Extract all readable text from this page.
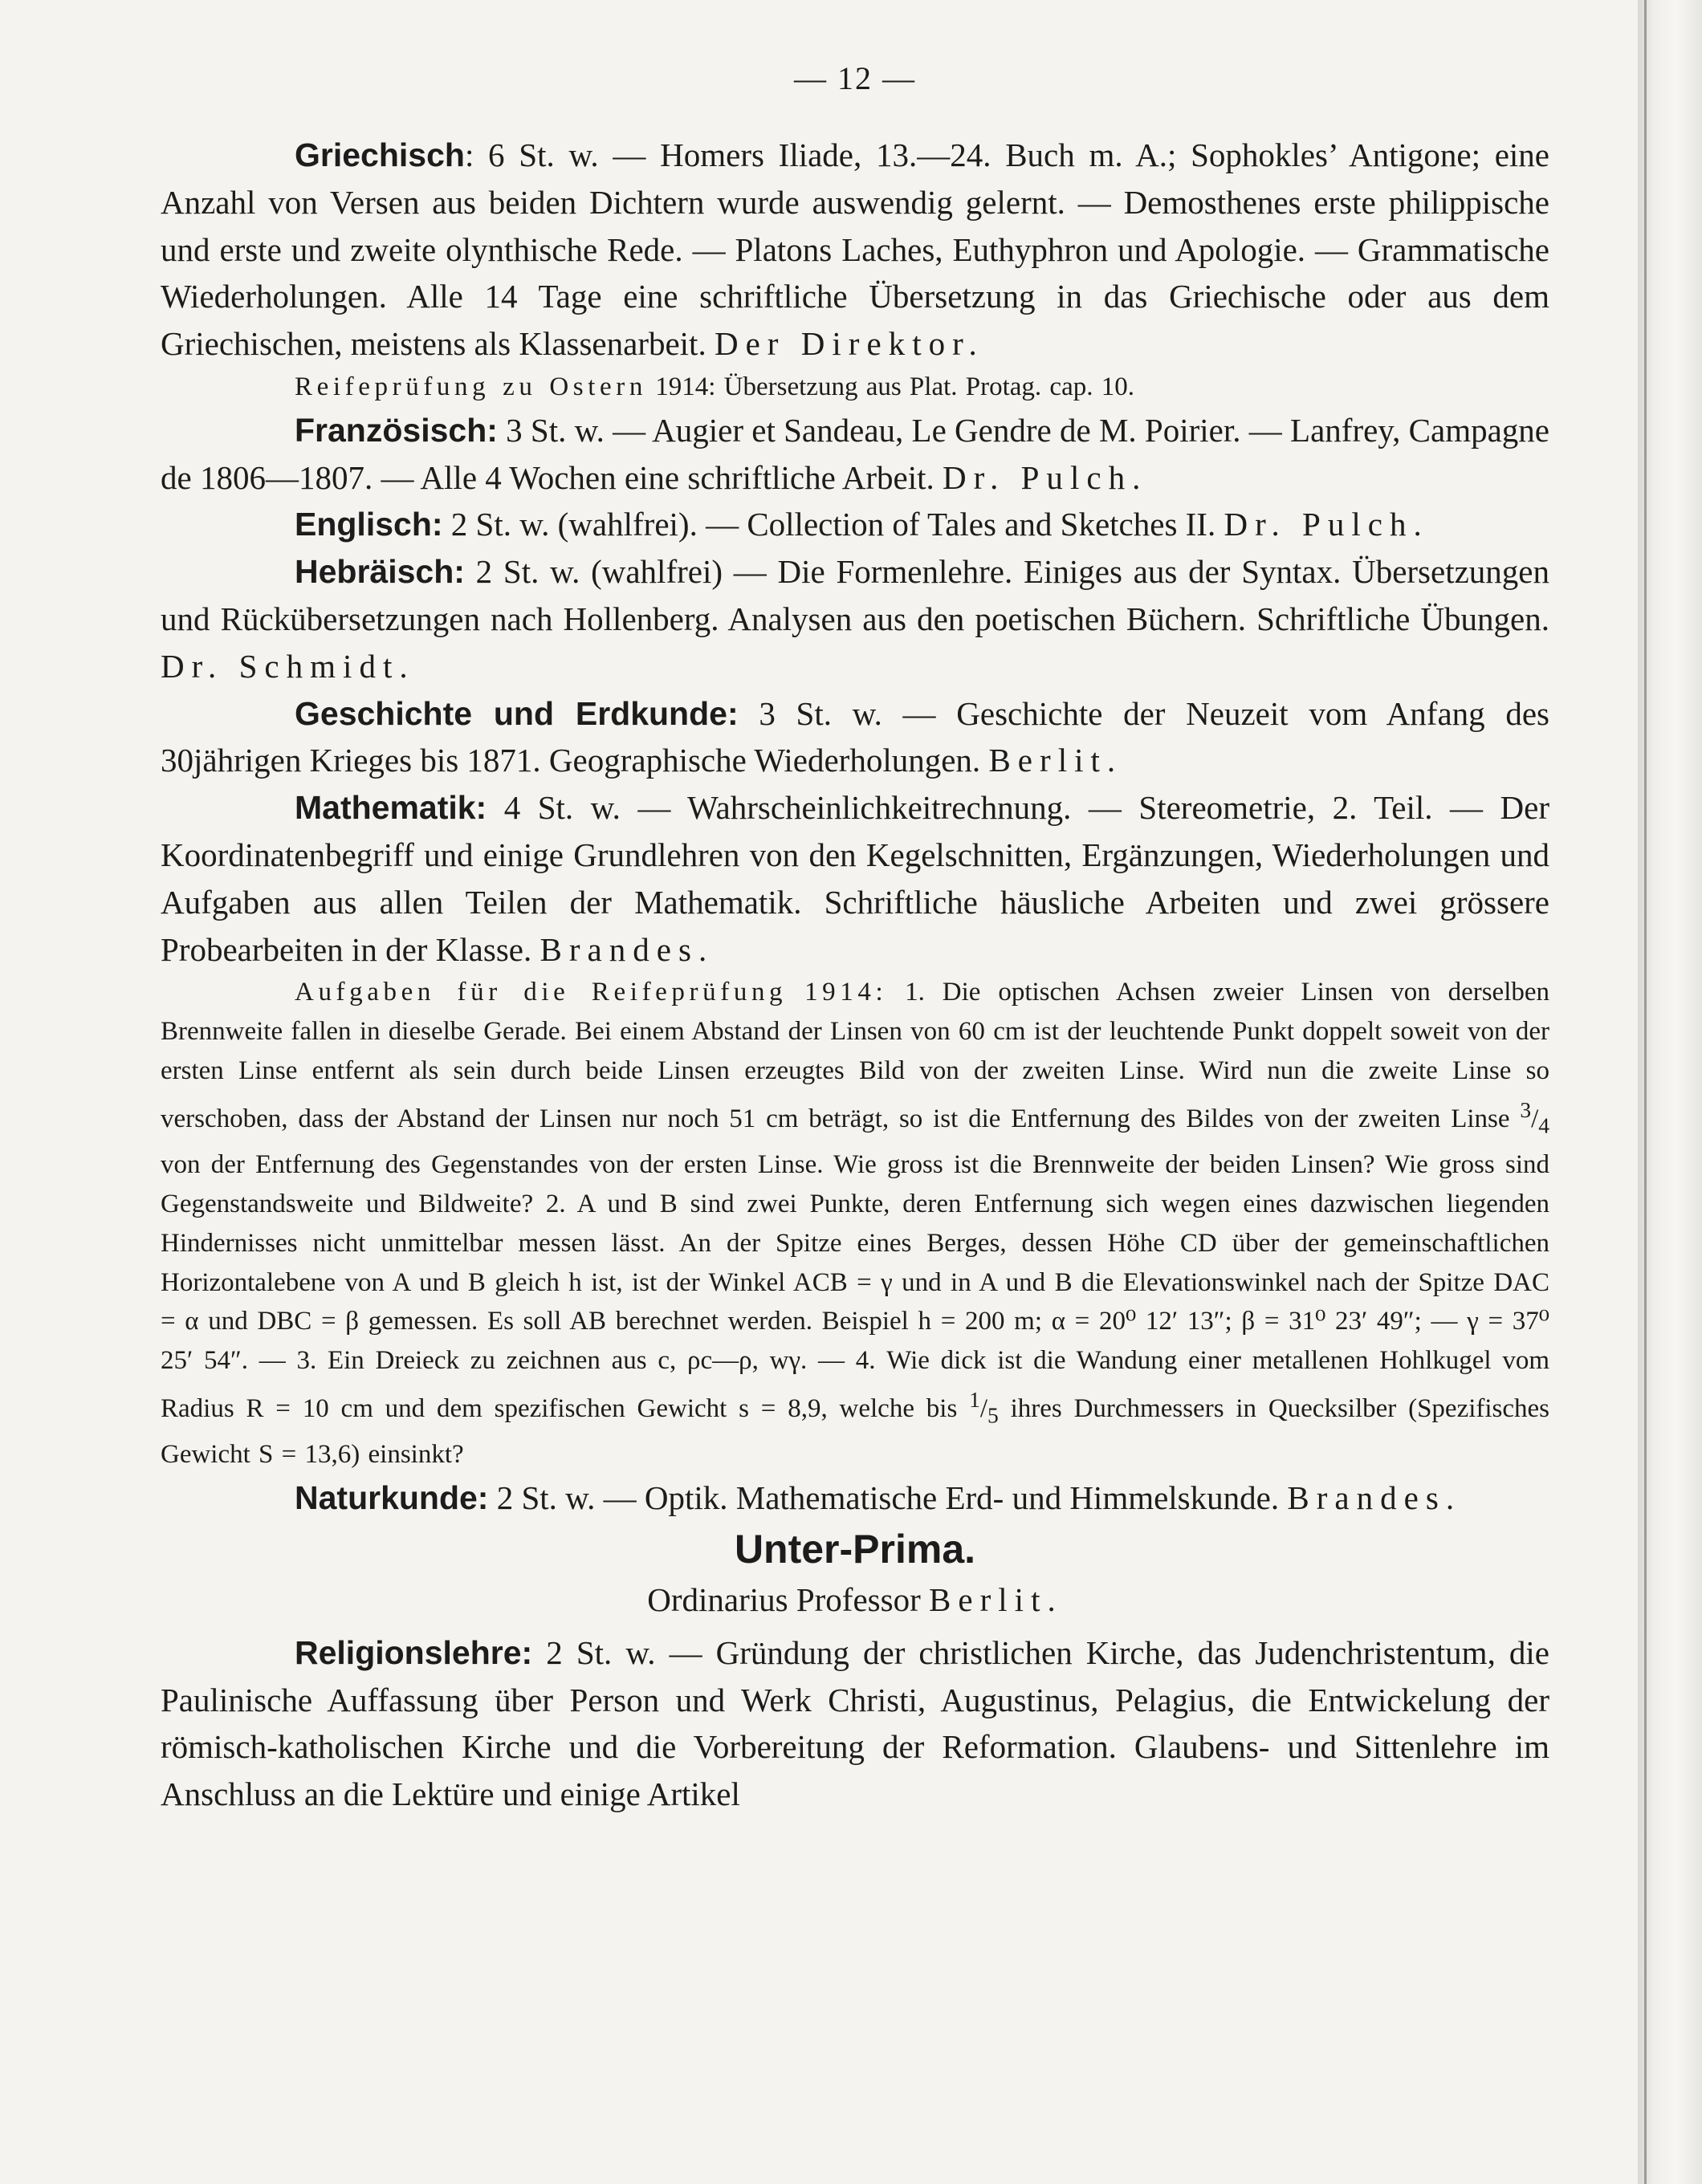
— 12 —

Griechisch: 6 St. w. — Homers Iliade, 13.—24. Buch m. A.; Sophokles’ Antigone; eine Anzahl von Versen aus beiden Dichtern wurde auswendig gelernt. — Demosthenes erste philippische und erste und zweite olynthische Rede. — Platons Laches, Euthyphron und Apologie. — Grammatische Wiederholungen. Alle 14 Tage eine schriftliche Übersetzung in das Griechische oder aus dem Griechischen, meistens als Klassenarbeit. Der Direktor.

Reifeprüfung zu Ostern 1914: Übersetzung aus Plat. Protag. cap. 10.

Französisch: 3 St. w. — Augier et Sandeau, Le Gendre de M. Poirier. — Lanfrey, Campagne de 1806—1807. — Alle 4 Wochen eine schriftliche Arbeit. Dr. Pulch.

Englisch: 2 St. w. (wahlfrei). — Collection of Tales and Sketches II. Dr. Pulch.

Hebräisch: 2 St. w. (wahlfrei) — Die Formenlehre. Einiges aus der Syntax. Übersetzungen und Rückübersetzungen nach Hollenberg. Analysen aus den poetischen Büchern. Schriftliche Übungen. Dr. Schmidt.

Geschichte und Erdkunde: 3 St. w. — Geschichte der Neuzeit vom Anfang des 30jährigen Krieges bis 1871. Geographische Wiederholungen. Berlit.

Mathematik: 4 St. w. — Wahrscheinlichkeitrechnung. — Stereometrie, 2. Teil. — Der Koordinatenbegriff und einige Grundlehren von den Kegelschnitten, Ergänzungen, Wiederholungen und Aufgaben aus allen Teilen der Mathematik. Schriftliche häusliche Arbeiten und zwei grössere Probearbeiten in der Klasse. Brandes.

Aufgaben für die Reifeprüfung 1914: 1. Die optischen Achsen zweier Linsen von derselben Brennweite fallen in dieselbe Gerade. Bei einem Abstand der Linsen von 60 cm ist der leuchtende Punkt doppelt soweit von der ersten Linse entfernt als sein durch beide Linsen erzeugtes Bild von der zweiten Linse. Wird nun die zweite Linse so verschoben, dass der Abstand der Linsen nur noch 51 cm beträgt, so ist die Entfernung des Bildes von der zweiten Linse $^3/_4$ von der Entfernung des Gegenstandes von der ersten Linse. Wie gross ist die Brennweite der beiden Linsen? Wie gross sind Gegenstandsweite und Bildweite? 2. A und B sind zwei Punkte, deren Entfernung sich wegen eines dazwischen liegenden Hindernisses nicht unmittelbar messen lässt. An der Spitze eines Berges, dessen Höhe CD über der gemeinschaftlichen Horizontalebene von A und B gleich h ist, ist der Winkel ACB = γ und in A und B die Elevationswinkel nach der Spitze DAC = α und DBC = β gemessen. Es soll AB berechnet werden. Beispiel h = 200 m; α = 20⁰ 12′ 13″; β = 31⁰ 23′ 49″; — γ = 37⁰ 25′ 54″. — 3. Ein Dreieck zu zeichnen aus c, ρc—ρ, wγ. — 4. Wie dick ist die Wandung einer metallenen Hohlkugel vom Radius R = 10 cm und dem spezifischen Gewicht s = 8,9, welche bis $^1/_5$ ihres Durchmessers in Quecksilber (Spezifisches Gewicht S = 13,6) einsinkt?

Naturkunde: 2 St. w. — Optik. Mathematische Erd- und Himmelskunde. Brandes.

Unter-Prima.
Ordinarius Professor Berlit.

Religionslehre: 2 St. w. — Gründung der christlichen Kirche, das Judenchristentum, die Paulinische Auffassung über Person und Werk Christi, Augustinus, Pelagius, die Entwickelung der römisch-katholischen Kirche und die Vorbereitung der Reformation. Glaubens- und Sittenlehre im Anschluss an die Lektüre und einige Artikel
